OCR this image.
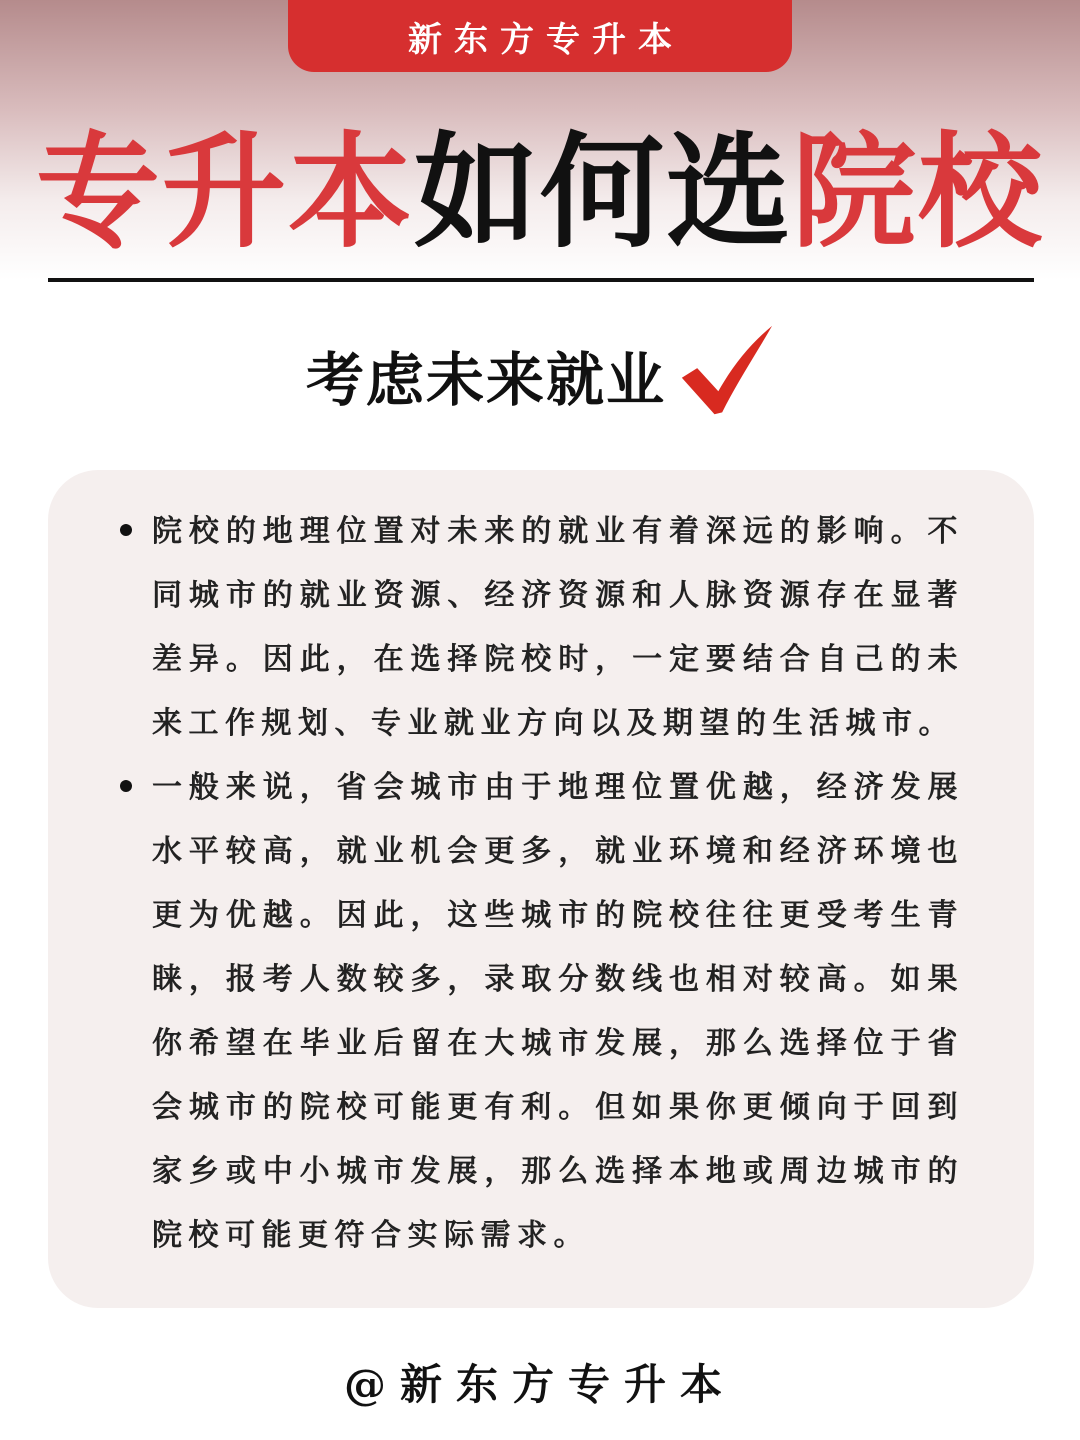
新东方专升本
专升本如何选院校
考虑未来就业
院校的地理位置对未来的就业有着深远的影响。不同城市的就业资源、经济资源和人脉资源存在显著差异。因此，在选择院校时，一定要结合自己的未来工作规划、专业就业方向以及期望的生活城市。
一般来说，省会城市由于地理位置优越，经济发展水平较高，就业机会更多，就业环境和经济环境也更为优越。因此，这些城市的院校往往更受考生青睐，报考人数较多，录取分数线也相对较高。如果你希望在毕业后留在大城市发展，那么选择位于省会城市的院校可能更有利。但如果你更倾向于回到家乡或中小城市发展，那么选择本地或周边城市的院校可能更符合实际需求。
@新东方专升本
